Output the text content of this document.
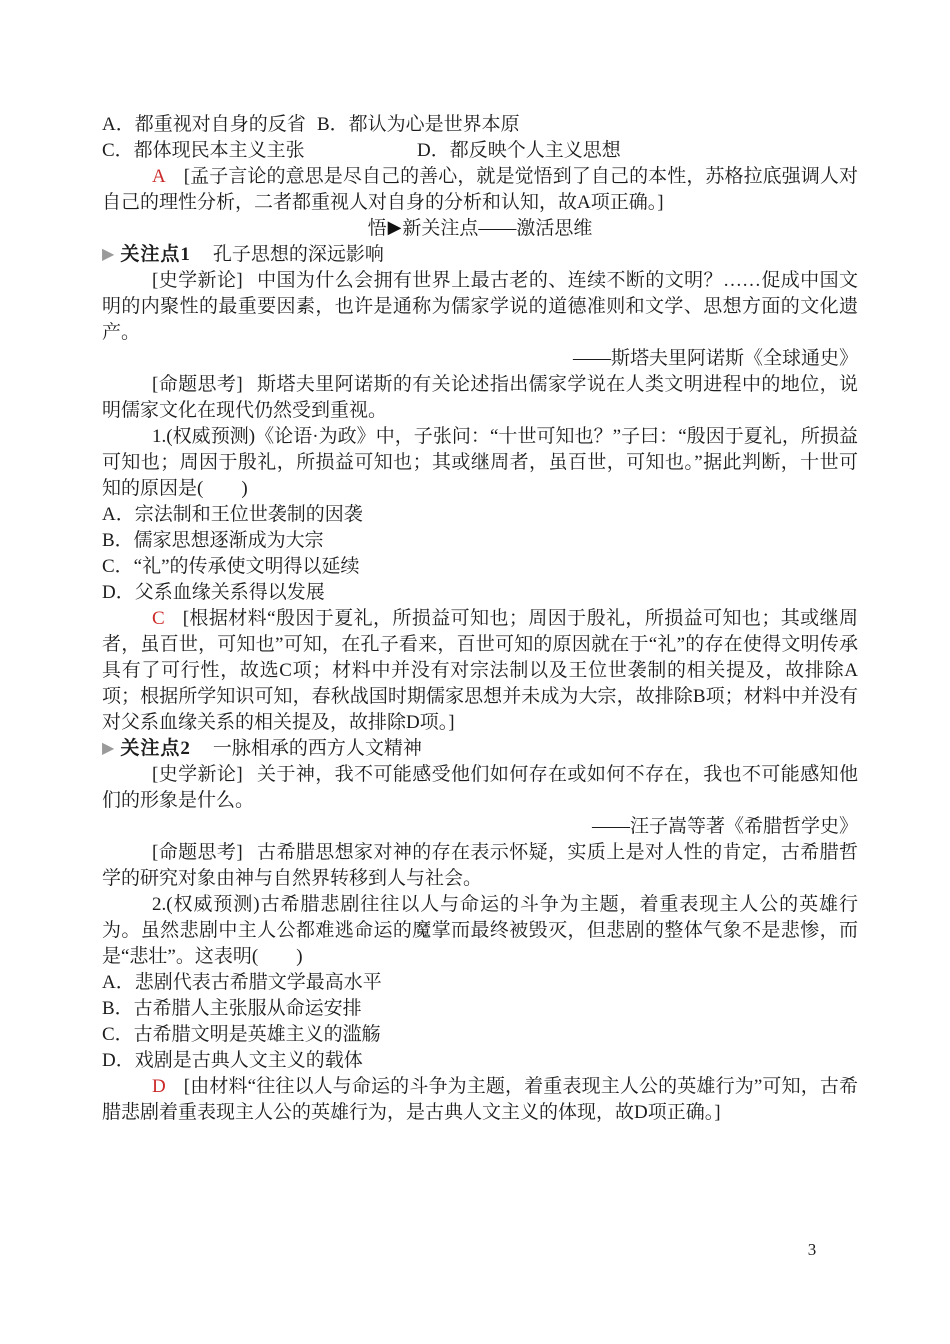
A．都重视对自身的反省 B．都认为心是世界本原
C．都体现民本主义主张	D．都反映个人主义思想

A [孟子言论的意思是尽自己的善心，就是觉悟到了自己的本性，苏格拉底强调人对自己的理性分析，二者都重视人对自身的分析和认知，故A项正确。]

悟▶新关注点——激活思维
▶ 关注点1 孔子思想的深远影响

[史学新论] 中国为什么会拥有世界上最古老的、连续不断的文明？……促成中国文明的内聚性的最重要因素，也许是通称为儒家学说的道德准则和文学、思想方面的文化遗产。

——斯塔夫里阿诺斯《全球通史》

[命题思考] 斯塔夫里阿诺斯的有关论述指出儒家学说在人类文明进程中的地位，说明儒家文化在现代仍然受到重视。

1.(权威预测)《论语·为政》中，子张问：“十世可知也？”子曰：“殷因于夏礼，所损益可知也；周因于殷礼，所损益可知也；其或继周者，虽百世，可知也。”据此判断，十世可知的原因是(　　)

A．宗法制和王位世袭制的因袭
B．儒家思想逐渐成为大宗
C．“礼”的传承使文明得以延续
D．父系血缘关系得以发展

C [根据材料“殷因于夏礼，所损益可知也；周因于殷礼，所损益可知也；其或继周者，虽百世，可知也”可知，在孔子看来，百世可知的原因就在于“礼”的存在使得文明传承具有了可行性，故选C项；材料中并没有对宗法制以及王位世袭制的相关提及，故排除A项；根据所学知识可知，春秋战国时期儒家思想并未成为大宗，故排除B项；材料中并没有对父系血缘关系的相关提及，故排除D项。]

▶ 关注点2 一脉相承的西方人文精神

[史学新论] 关于神，我不可能感受他们如何存在或如何不存在，我也不可能感知他们的形象是什么。

——汪子嵩等著《希腊哲学史》

[命题思考] 古希腊思想家对神的存在表示怀疑，实质上是对人性的肯定，古希腊哲学的研究对象由神与自然界转移到人与社会。

2.(权威预测)古希腊悲剧往往以人与命运的斗争为主题，着重表现主人公的英雄行为。虽然悲剧中主人公都难逃命运的魔掌而最终被毁灭，但悲剧的整体气象不是悲惨，而是“悲壮”。这表明(　　)

A．悲剧代表古希腊文学最高水平
B．古希腊人主张服从命运安排
C．古希腊文明是英雄主义的滥觞
D．戏剧是古典人文主义的载体

D [由材料“往往以人与命运的斗争为主题，着重表现主人公的英雄行为”可知，古希腊悲剧着重表现主人公的英雄行为，是古典人文主义的体现，故D项正确。]

3
